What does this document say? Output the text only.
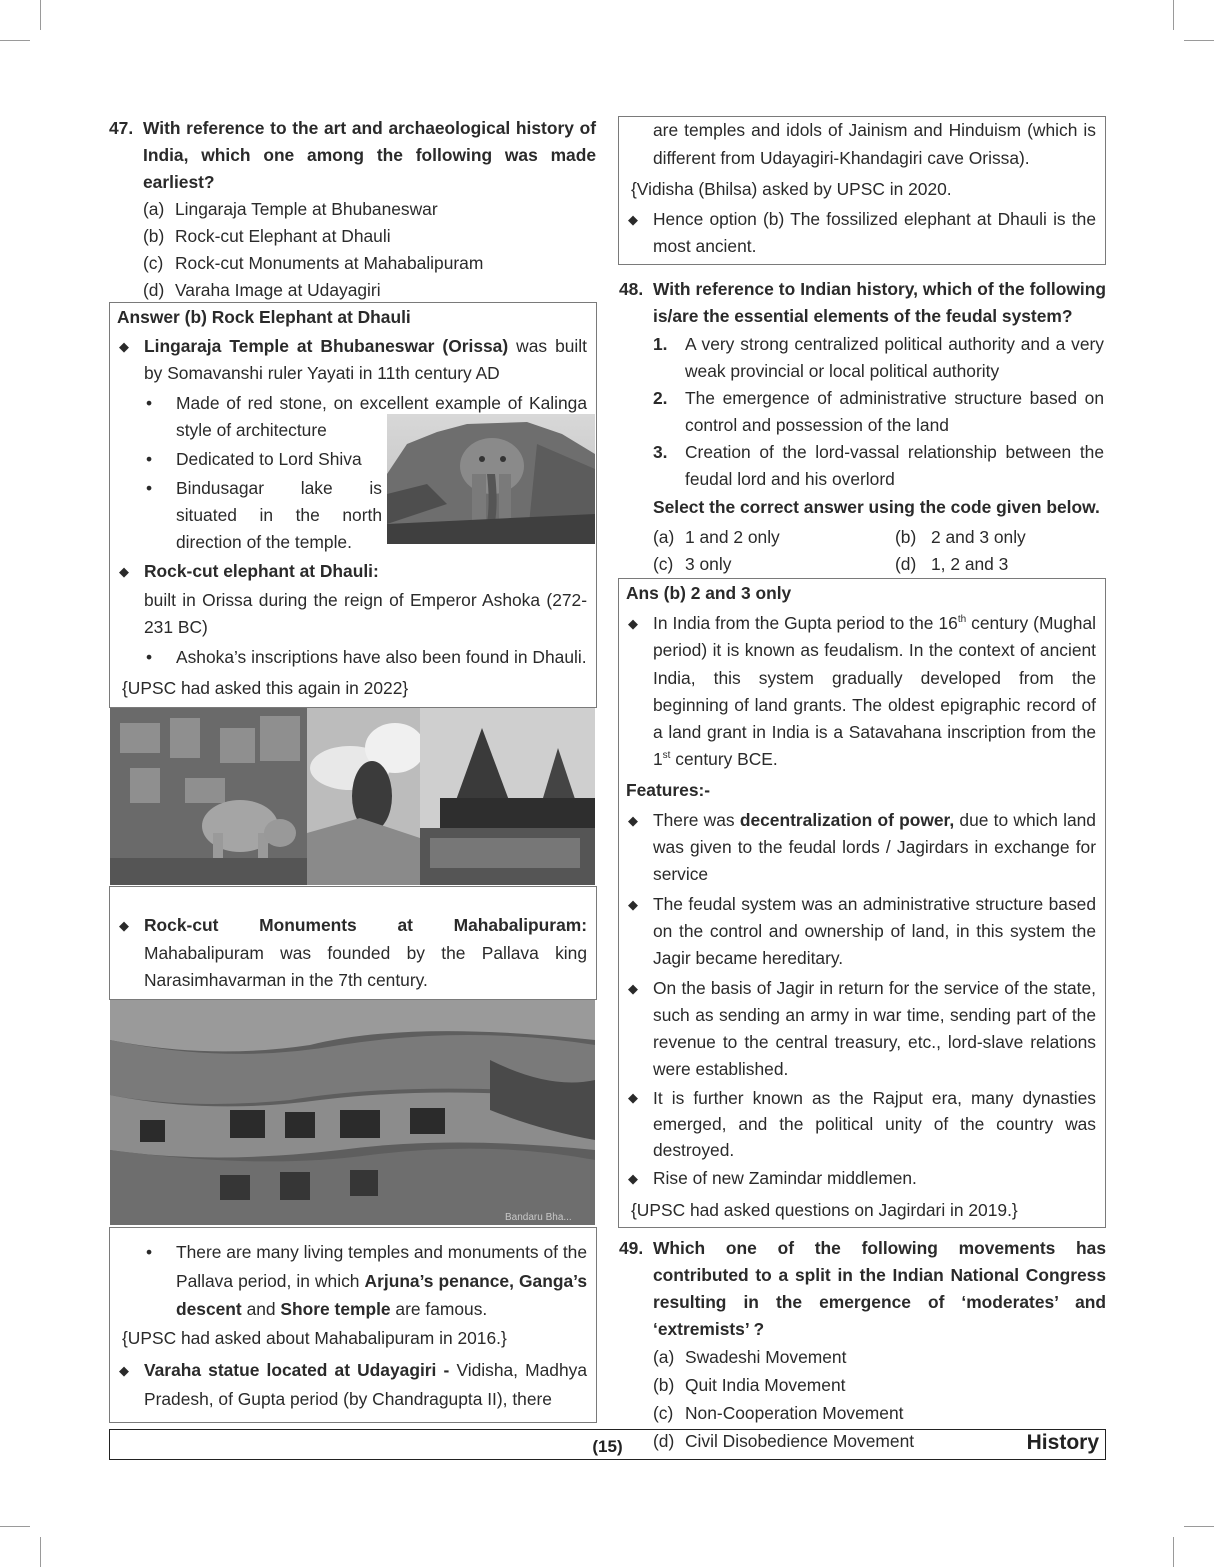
47. With reference to the art and archaeological history of India, which one among the following was made earliest?
(a) Lingaraja Temple at Bhubaneswar
(b) Rock-cut Elephant at Dhauli
(c) Rock-cut Monuments at Mahabalipuram
(d) Varaha Image at Udayagiri
Answer (b) Rock Elephant at Dhauli
◆ Lingaraja Temple at Bhubaneswar (Orissa) was built by Somavanshi ruler Yayati in 11th century AD
• Made of red stone, on excellent example of Kalinga style of architecture
• Dedicated to Lord Shiva
• Bindusagar lake is situated in the north direction of the temple.
◆ Rock-cut elephant at Dhauli:
built in Orissa during the reign of Emperor Ashoka (272-231 BC)
• Ashoka’s inscriptions have also been found in Dhauli.
{UPSC had asked this again in 2022}
◆ Rock-cut Monuments at Mahabalipuram:
Mahabalipuram was founded by the Pallava king Narasimhavarman in the 7th century.
Bandaru Bha...
• There are many living temples and monuments of the Pallava period, in which Arjuna’s penance, Ganga’s descent and Shore temple are famous.
{UPSC had asked about Mahabalipuram in 2016.}
◆ Varaha statue located at Udayagiri - Vidisha, Madhya Pradesh, of Gupta period (by Chandragupta II), there
are temples and idols of Jainism and Hinduism (which is different from Udayagiri-Khandagiri cave Orissa).
{Vidisha (Bhilsa) asked by UPSC in 2020.
◆ Hence option (b) The fossilized elephant at Dhauli is the most ancient.
48. With reference to Indian history, which of the following is/are the essential elements of the feudal system?
1. A very strong centralized political authority and a very weak provincial or local political authority
2. The emergence of administrative structure based on control and possession of the land
3. Creation of the lord-vassal relationship between the feudal lord and his overlord
Select the correct answer using the code given below.
(a) 1 and 2 only	(b) 2 and 3 only
(c) 3 only	(d) 1, 2 and 3
Ans (b) 2 and 3 only
◆ In India from the Gupta period to the 16th century (Mughal period) it is known as feudalism. In the context of ancient India, this system gradually developed from the beginning of land grants. The oldest epigraphic record of a land grant in India is a Satavahana inscription from the 1st century BCE.
Features:-
◆ There was decentralization of power, due to which land was given to the feudal lords / Jagirdars in exchange for service
◆ The feudal system was an administrative structure based on the control and ownership of land, in this system the Jagir became hereditary.
◆ On the basis of Jagir in return for the service of the state, such as sending an army in war time, sending part of the revenue to the central treasury, etc., lord-slave relations were established.
◆ It is further known as the Rajput era, many dynasties emerged, and the political unity of the country was destroyed.
◆ Rise of new Zamindar middlemen.
{UPSC had asked questions on Jagirdari in 2019.}
49. Which one of the following movements has contributed to a split in the Indian National Congress resulting in the emergence of ‘moderates’ and ‘extremists’ ?
(a) Swadeshi Movement
(b) Quit India Movement
(c) Non-Cooperation Movement
(d) Civil Disobedience Movement
(15)	History
